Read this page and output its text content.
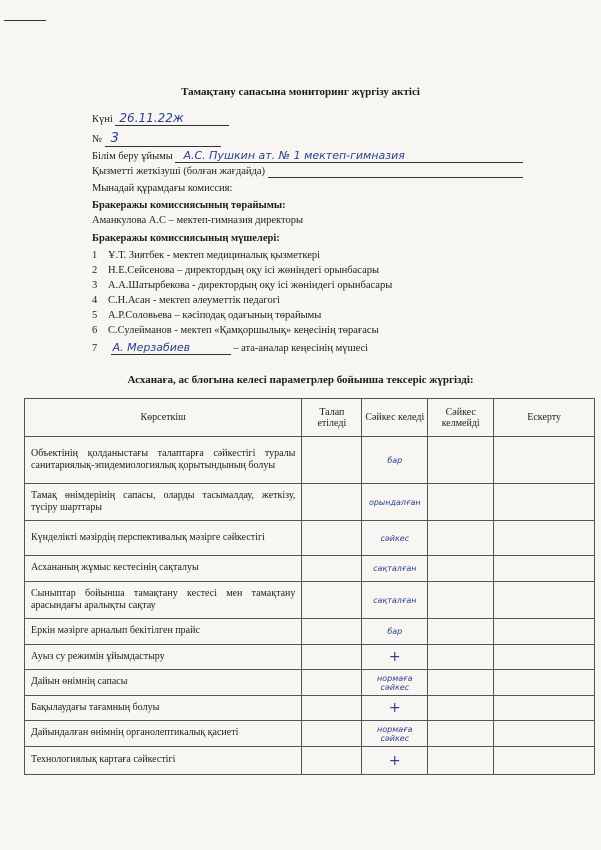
Тамақтану сапасына мониторинг жүргізу актісі
Күні 26.11.22ж
№ 3
Білім беру ұйымы А.С. Пушкин ат. № 1 мектеп-гимназия
Қызметті жеткізуші (болған жағдайда)
Мынадай құрамдағы комиссия:
Бракеражы комиссиясының төрайымы:
Аманкулова А.С – мектеп-гимназия директоры
Бракеражы комиссиясының мүшелері:
1 Ұ.Т. Зиятбек - мектеп медициналық қызметкері
2 Н.Е.Сейсенова – директордың оқу ісі жөніндегі орынбасары
3 А.А.Шатырбекова - директордың оқу ісі жөніндегі орынбасары
4 С.Н.Асан - мектеп әлеуметтік педагогі
5 А.Р.Соловьева – кәсіподақ одағының төрайымы
6 С.Сулейманов - мектеп «Қамқоршылық» кеңесінің төрағасы
7 А. Мерзабиев	– ата-аналар кеңесінің мүшесі
Асханаға, ас блогына келесі параметрлер бойынша тексеріс жүргізді:
Көрсеткіш	Талап етіледі	Сәйкес келеді	Сәйкес келмейді	Ескерту
Объектінің қолданыстағы талаптарға сәйкестігі туралы санитариялық-эпидемиологиялық қорытындының болуы		бар		
Тамақ өнімдерінің сапасы, оларды тасымалдау, жеткізу, түсіру шарттары		орындалған		
Күнделікті мәзірдің перспективалық мәзірге сәйкестігі		сәйкес		
Асхананың жұмыс кестесінің сақталуы		сақталған		
Сыныптар бойынша тамақтану кестесі мен тамақтану арасындағы аралықты сақтау		сақталған		
Еркін мәзірге арналып бекітілген прайс		бар		
Ауыз су режимін ұйымдастыру		+		
Дайын өнімнің сапасы		нормаға сәйкес		
Бақылаудағы тағамның болуы		+		
Дайындалған өнімнің органолептикалық қасиеті		нормаға сәйкес		
Технологиялық картаға сәйкестігі		+		
